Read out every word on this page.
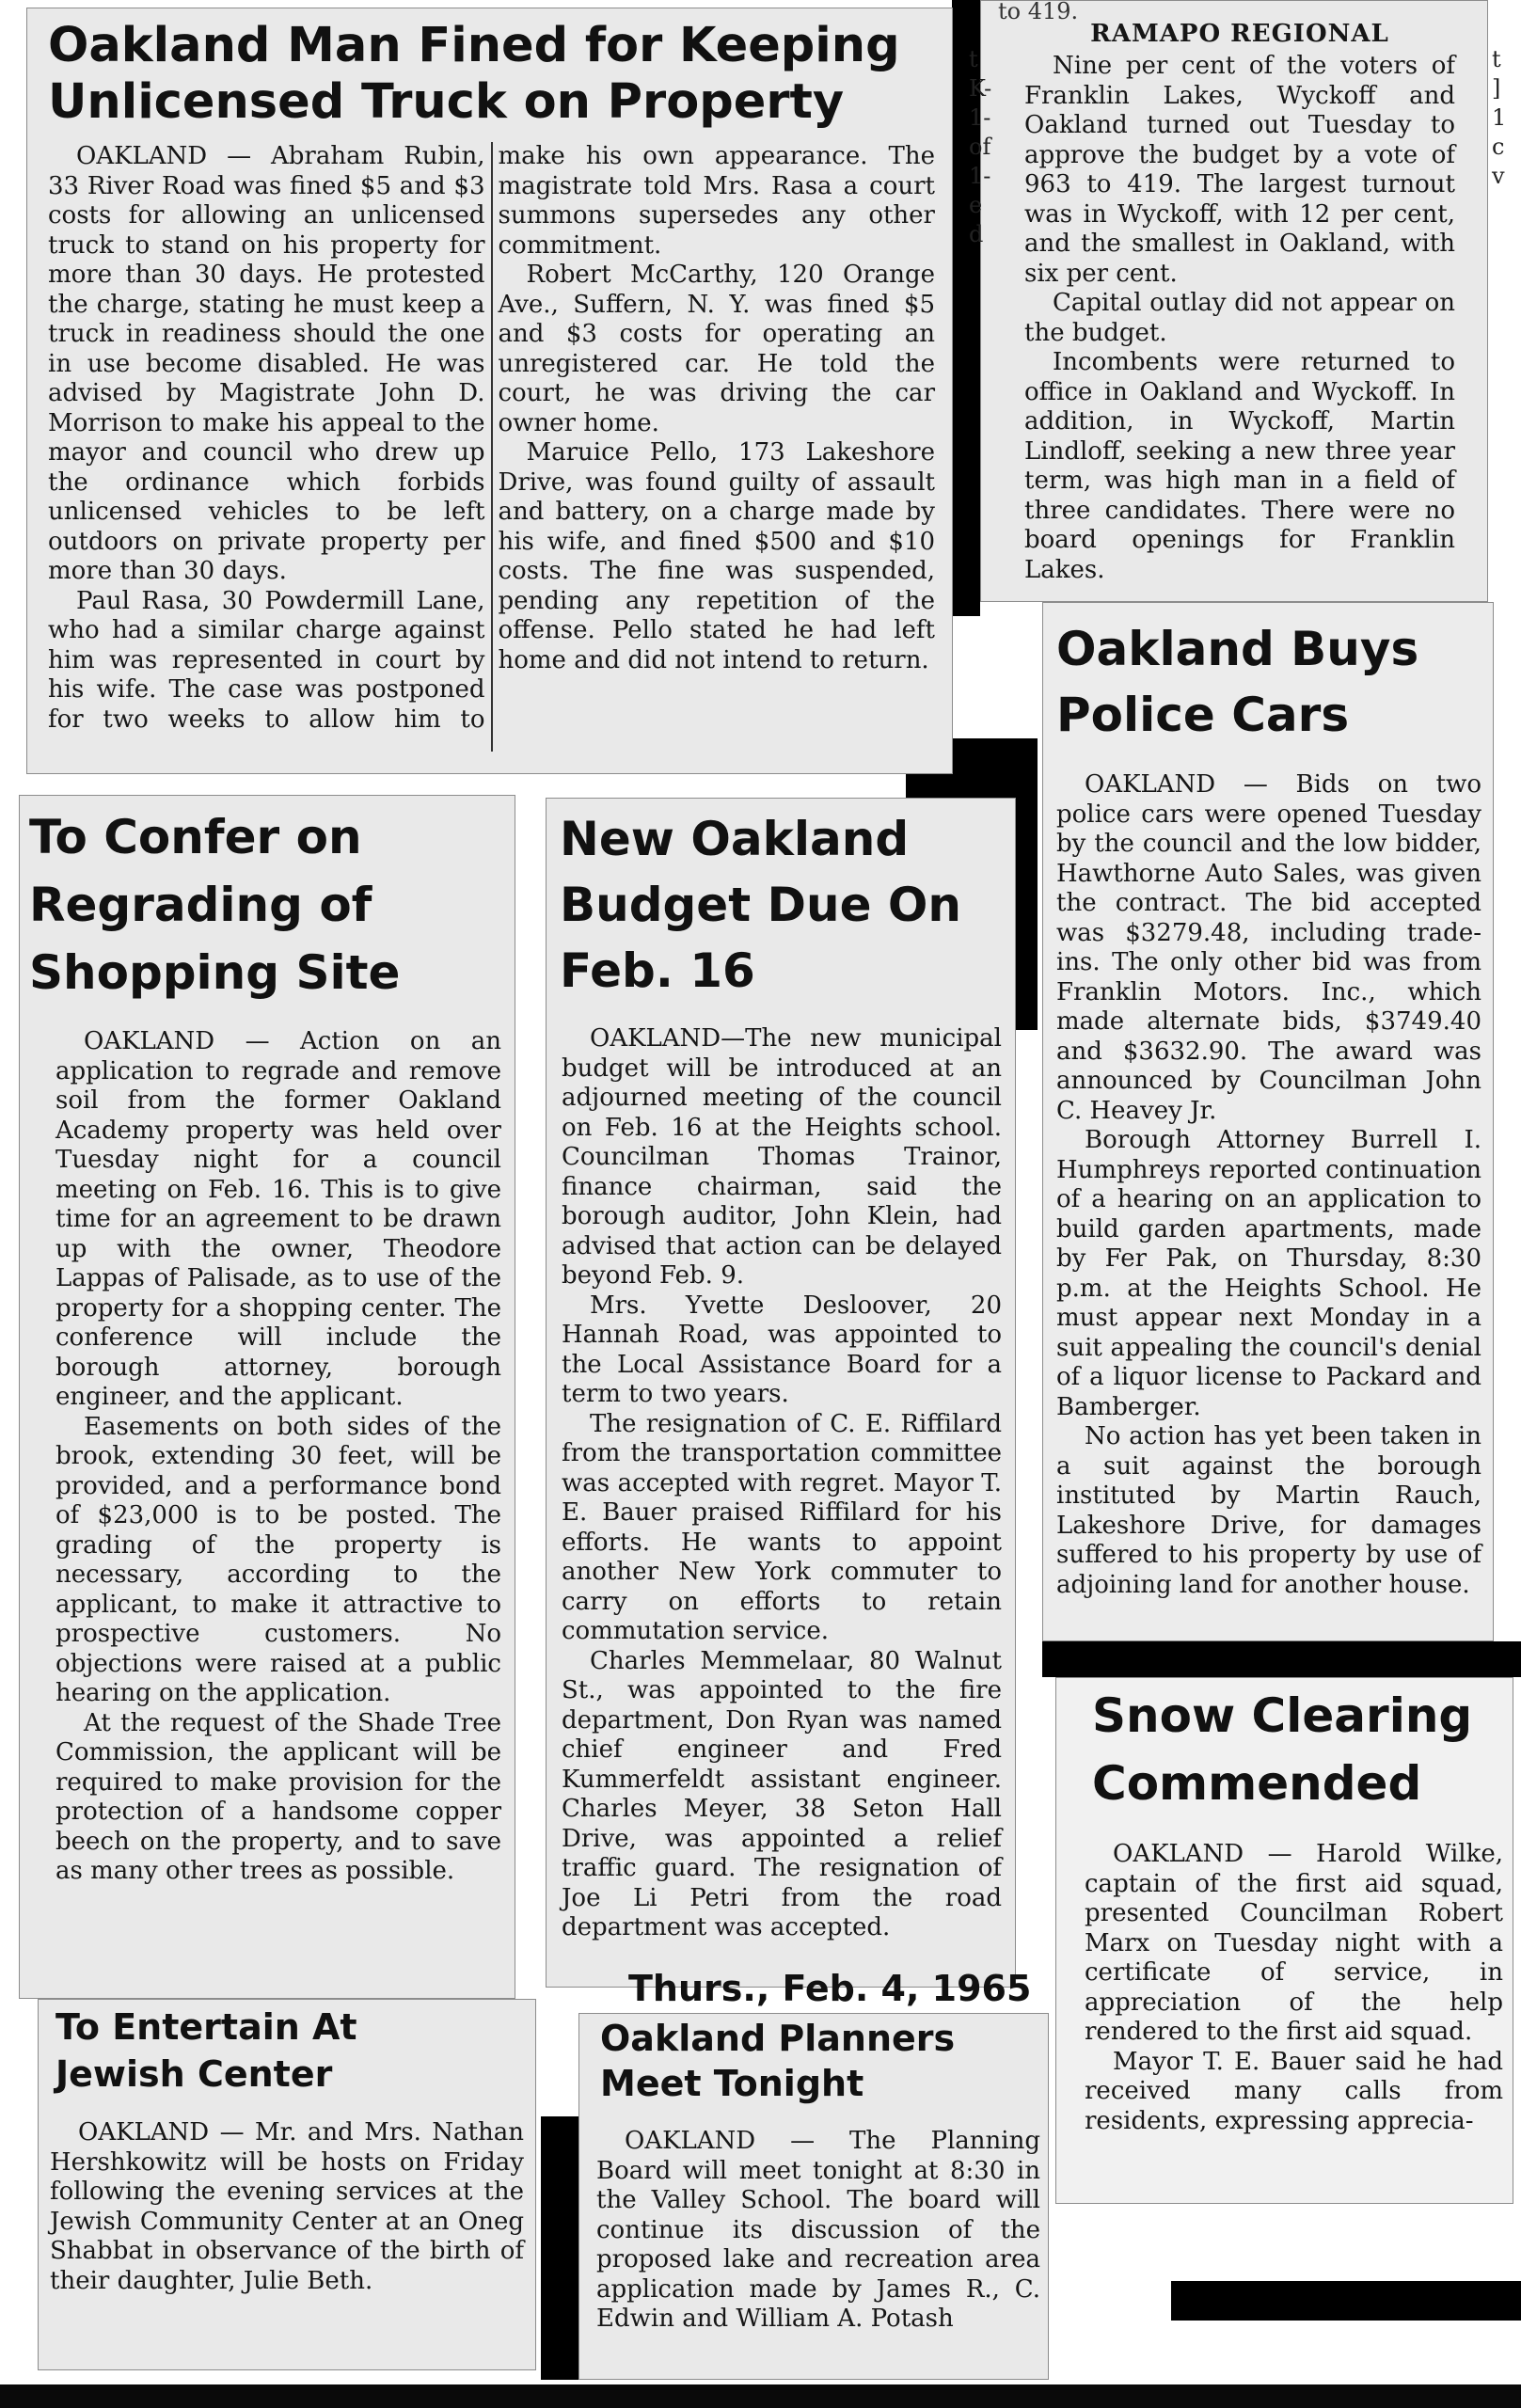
Oakland Man Fined for Keeping Unlicensed Truck on Property

OAKLAND — Abraham Rubin, 33 River Road was fined $5 and $3 costs for allowing an unlicensed truck to stand on his property for more than 30 days. He protested the charge, stating he must keep a truck in readiness should the one in use become disabled. He was advised by Magistrate John D. Morrison to make his appeal to the mayor and council who drew up the ordinance which forbids unlicensed vehicles to be left outdoors on private property per more than 30 days.

Paul Rasa, 30 Powdermill Lane, who had a similar charge against him was represented in court by his wife. The case was postponed for two weeks to allow him to make his own appearance. The magistrate told Mrs. Rasa a court summons supersedes any other commitment.

Robert McCarthy, 120 Orange Ave., Suffern, N. Y. was fined $5 and $3 costs for operating an unregistered car. He told the court, he was driving the car owner home.

Maruice Pello, 173 Lakeshore Drive, was found guilty of assault and battery, on a charge made by his wife, and fined $500 and $10 costs. The fine was suspended, pending any repetition of the offense. Pello stated he had left home and did not intend to return.

to 419.
RAMAPO REGIONAL

Nine per cent of the voters of Franklin Lakes, Wyckoff and Oakland turned out Tuesday to approve the budget by a vote of 963 to 419. The largest turnout was in Wyckoff, with 12 per cent, and the smallest in Oakland, with six per cent.

Capital outlay did not appear on the budget.

Incombents were returned to office in Oakland and Wyckoff. In addition, in Wyckoff, Martin Lindloff, seeking a new three year term, was high man in a field of three candidates. There were no board openings for Franklin Lakes.

t
K-
1-
of
1-
e
d
t
]
1
c
v
Oakland Buys Police Cars

OAKLAND — Bids on two police cars were opened Tuesday by the council and the low bidder, Hawthorne Auto Sales, was given the contract. The bid accepted was $3279.48, including trade-ins. The only other bid was from Franklin Motors. Inc., which made alternate bids, $3749.40 and $3632.90. The award was announced by Councilman John C. Heavey Jr.

Borough Attorney Burrell I. Humphreys reported continuation of a hearing on an application to build garden apartments, made by Fer Pak, on Thursday, 8:30 p.m. at the Heights School. He must appear next Monday in a suit appealing the council's denial of a liquor license to Packard and Bamberger.

No action has yet been taken in a suit against the borough instituted by Martin Rauch, Lakeshore Drive, for damages suffered to his property by use of adjoining land for another house.

To Confer on Regrading of Shopping Site

OAKLAND — Action on an application to regrade and remove soil from the former Oakland Academy property was held over Tuesday night for a council meeting on Feb. 16. This is to give time for an agreement to be drawn up with the owner, Theodore Lappas of Palisade, as to use of the property for a shopping center. The conference will include the borough attorney, borough engineer, and the applicant.

Easements on both sides of the brook, extending 30 feet, will be provided, and a performance bond of $23,000 is to be posted. The grading of the property is necessary, according to the applicant, to make it attractive to prospective customers. No objections were raised at a public hearing on the application.

At the request of the Shade Tree Commission, the applicant will be required to make provision for the protection of a handsome copper beech on the property, and to save as many other trees as possible.

New Oakland Budget Due On Feb. 16

OAKLAND—The new municipal budget will be introduced at an adjourned meeting of the council on Feb. 16 at the Heights school. Councilman Thomas Trainor, finance chairman, said the borough auditor, John Klein, had advised that action can be delayed beyond Feb. 9.

Mrs. Yvette Desloover, 20 Hannah Road, was appointed to the Local Assistance Board for a term to two years.

The resignation of C. E. Riffilard from the transportation committee was accepted with regret. Mayor T. E. Bauer praised Riffilard for his efforts. He wants to appoint another New York commuter to carry on efforts to retain commutation service.

Charles Memmelaar, 80 Walnut St., was appointed to the fire department, Don Ryan was named chief engineer and Fred Kummerfeldt assistant engineer. Charles Meyer, 38 Seton Hall Drive, was appointed a relief traffic guard. The resignation of Joe Li Petri from the road department was accepted.

Snow Clearing Commended

OAKLAND — Harold Wilke, captain of the first aid squad, presented Councilman Robert Marx on Tuesday night with a certificate of service, in appreciation of the help rendered to the first aid squad.

Mayor T. E. Bauer said he had received many calls from residents, expressing apprecia-

To Entertain At Jewish Center

OAKLAND — Mr. and Mrs. Nathan Hershkowitz will be hosts on Friday following the evening services at the Jewish Community Center at an Oneg Shabbat in observance of the birth of their daughter, Julie Beth.

Thurs., Feb. 4, 1965
Oakland Planners Meet Tonight

OAKLAND — The Planning Board will meet tonight at 8:30 in the Valley School. The board will continue its discussion of the proposed lake and recreation area application made by James R., C. Edwin and William A. Potash
